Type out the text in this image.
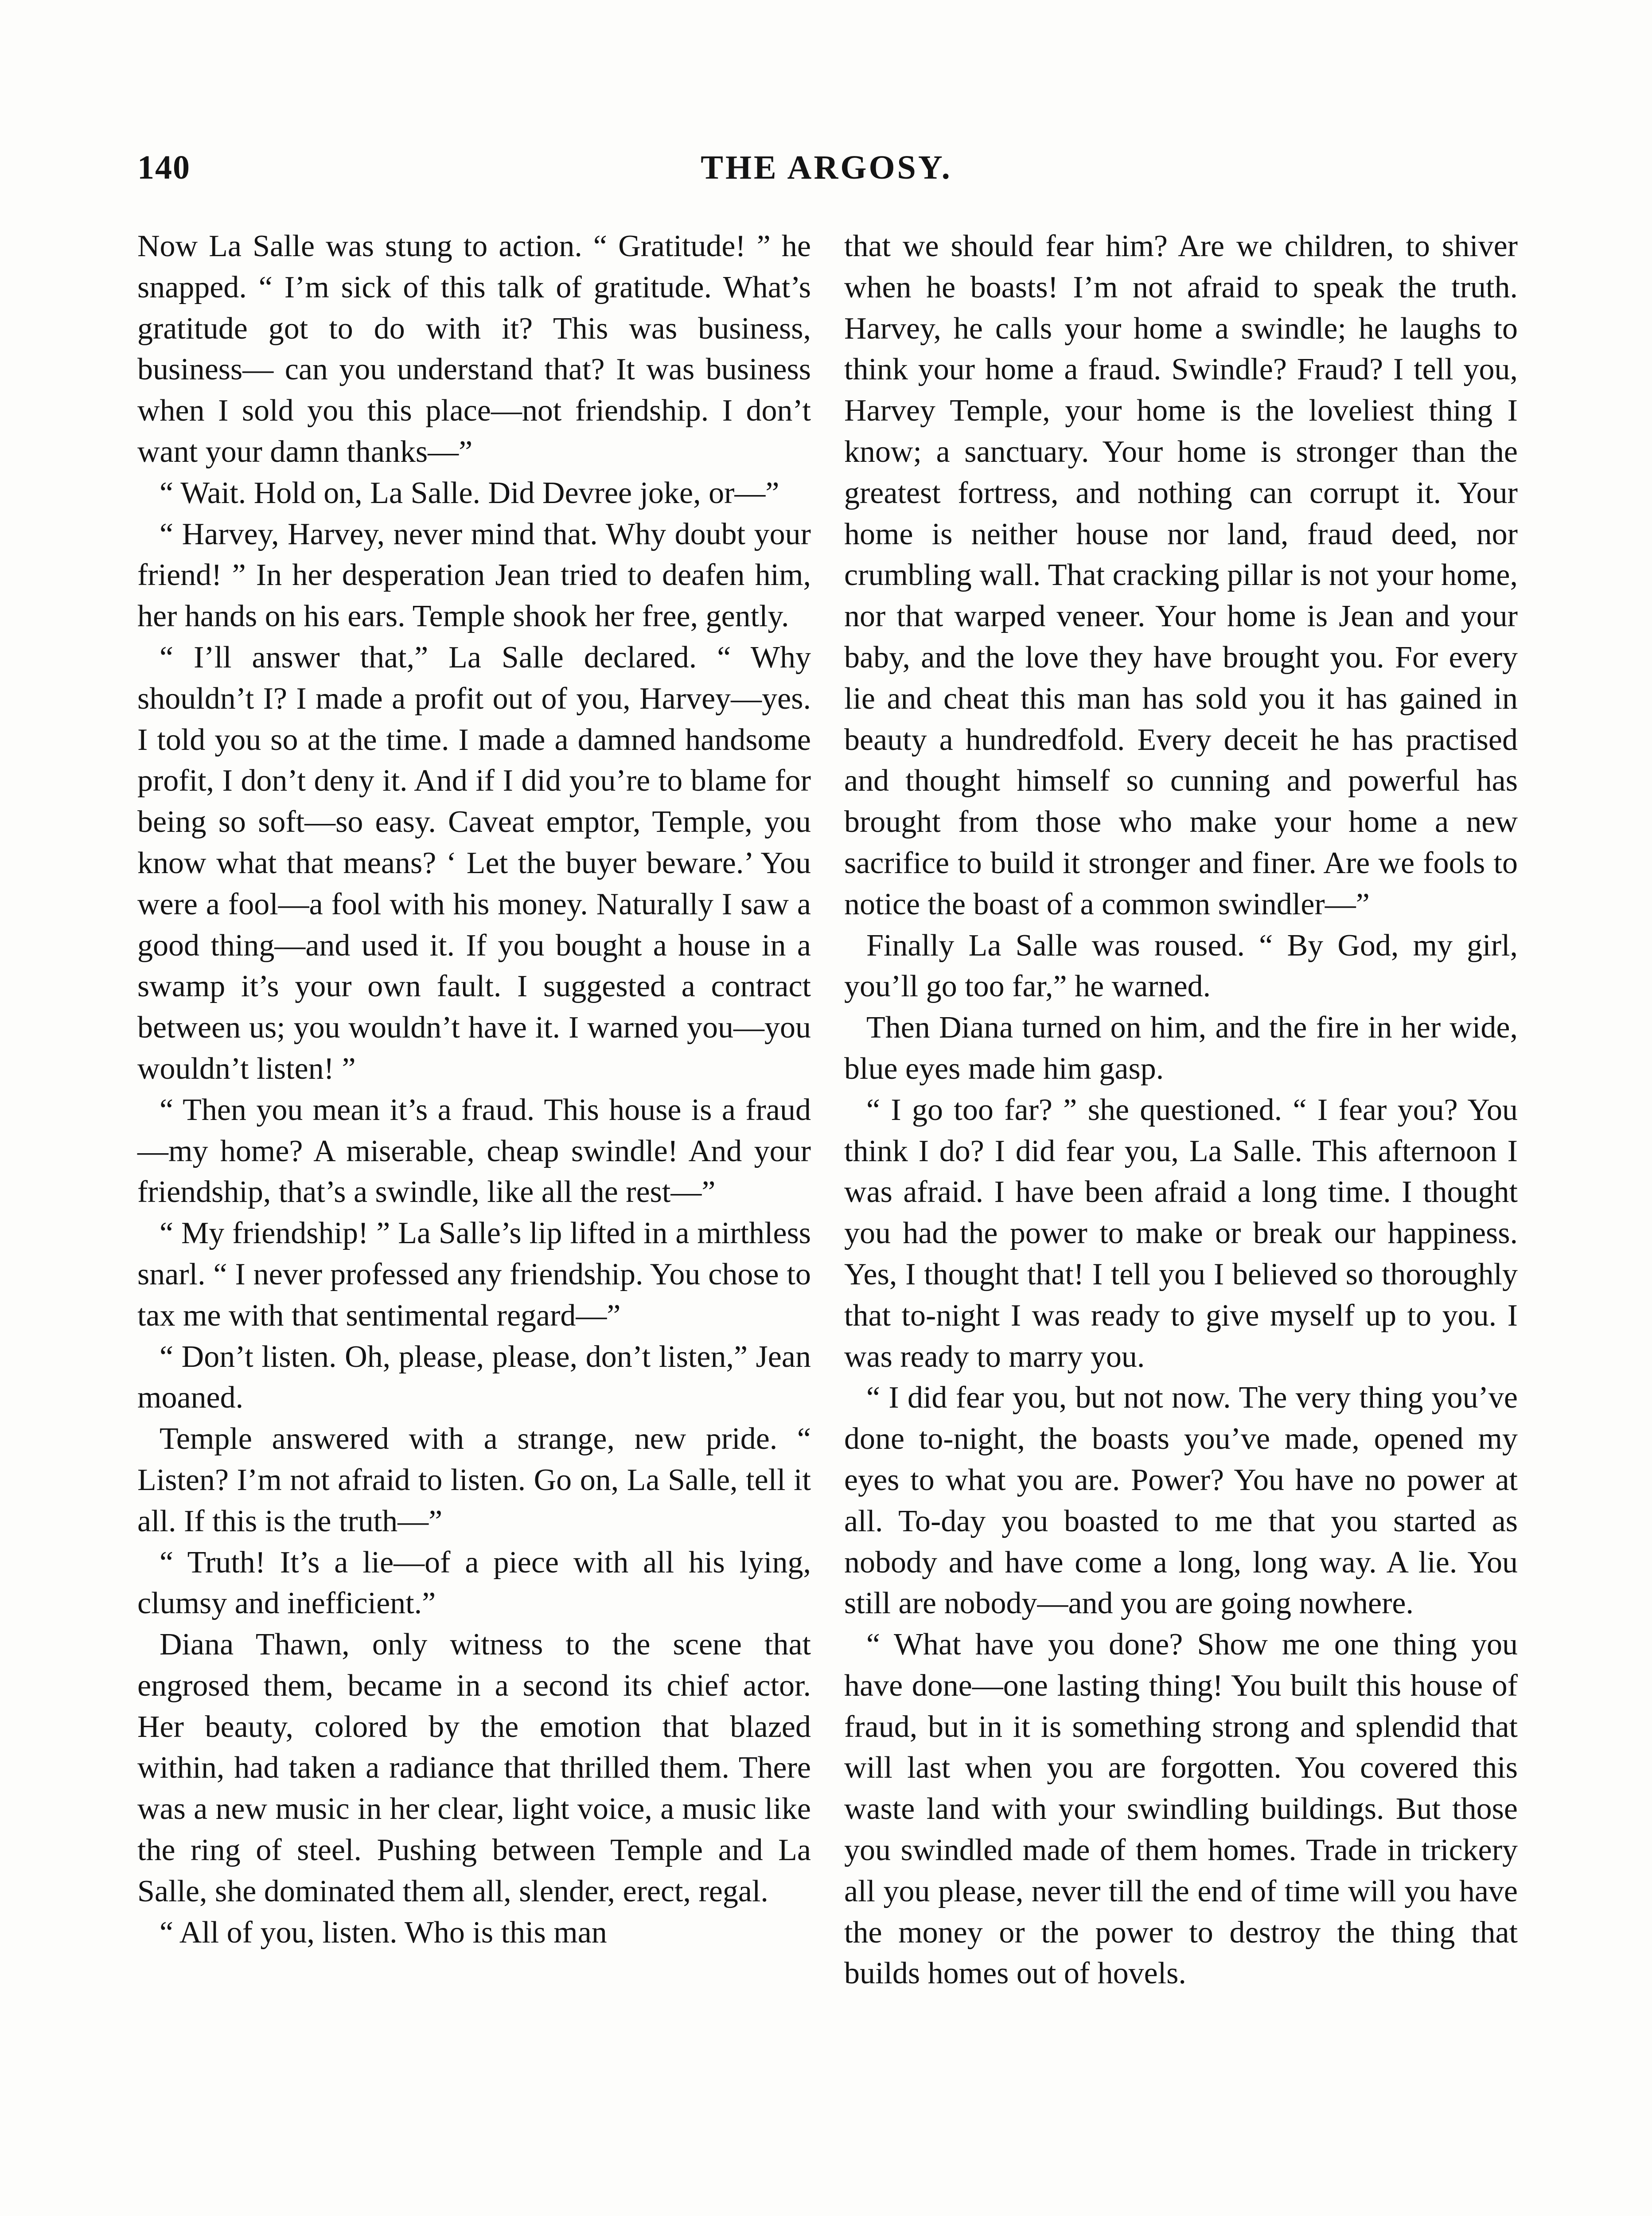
140	THE ARGOSY.

Now La Salle was stung to action. “ Gratitude! ” he snapped. “ I’m sick of this talk of gratitude. What’s gratitude got to do with it? This was business, business— can you understand that? It was business when I sold you this place—not friendship. I don’t want your damn thanks—”

“ Wait. Hold on, La Salle. Did Devree joke, or—”

“ Harvey, Harvey, never mind that. Why doubt your friend! ” In her desperation Jean tried to deafen him, her hands on his ears. Temple shook her free, gently.

“ I’ll answer that,” La Salle declared. “ Why shouldn’t I? I made a profit out of you, Harvey—yes. I told you so at the time. I made a damned handsome profit, I don’t deny it. And if I did you’re to blame for being so soft—so easy. Caveat emptor, Temple, you know what that means? ‘ Let the buyer beware.’ You were a fool—a fool with his money. Naturally I saw a good thing—and used it. If you bought a house in a swamp it’s your own fault. I suggested a contract between us; you wouldn’t have it. I warned you—you wouldn’t listen! ”

“ Then you mean it’s a fraud. This house is a fraud—my home? A miserable, cheap swindle! And your friendship, that’s a swindle, like all the rest—”

“ My friendship! ” La Salle’s lip lifted in a mirthless snarl. “ I never professed any friendship. You chose to tax me with that sentimental regard—”

“ Don’t listen. Oh, please, please, don’t listen,” Jean moaned.

Temple answered with a strange, new pride. “ Listen? I’m not afraid to listen. Go on, La Salle, tell it all. If this is the truth—”

“ Truth! It’s a lie—of a piece with all his lying, clumsy and inefficient.”

Diana Thawn, only witness to the scene that engrosed them, became in a second its chief actor. Her beauty, colored by the emotion that blazed within, had taken a radiance that thrilled them. There was a new music in her clear, light voice, a music like the ring of steel. Pushing between Temple and La Salle, she dominated them all, slender, erect, regal.

“ All of you, listen. Who is this man

that we should fear him? Are we children, to shiver when he boasts! I’m not afraid to speak the truth. Harvey, he calls your home a swindle; he laughs to think your home a fraud. Swindle? Fraud? I tell you, Harvey Temple, your home is the loveliest thing I know; a sanctuary. Your home is stronger than the greatest fortress, and nothing can corrupt it. Your home is neither house nor land, fraud deed, nor crumbling wall. That cracking pillar is not your home, nor that warped veneer. Your home is Jean and your baby, and the love they have brought you. For every lie and cheat this man has sold you it has gained in beauty a hundredfold. Every deceit he has practised and thought himself so cunning and powerful has brought from those who make your home a new sacrifice to build it stronger and finer. Are we fools to notice the boast of a common swindler—”

Finally La Salle was roused. “ By God, my girl, you’ll go too far,” he warned.

Then Diana turned on him, and the fire in her wide, blue eyes made him gasp.

“ I go too far? ” she questioned. “ I fear you? You think I do? I did fear you, La Salle. This afternoon I was afraid. I have been afraid a long time. I thought you had the power to make or break our happiness. Yes, I thought that! I tell you I believed so thoroughly that to-night I was ready to give myself up to you. I was ready to marry you.

“ I did fear you, but not now. The very thing you’ve done to-night, the boasts you’ve made, opened my eyes to what you are. Power? You have no power at all. To-day you boasted to me that you started as nobody and have come a long, long way. A lie. You still are nobody—and you are going nowhere.

“ What have you done? Show me one thing you have done—one lasting thing! You built this house of fraud, but in it is something strong and splendid that will last when you are forgotten. You covered this waste land with your swindling buildings. But those you swindled made of them homes. Trade in trickery all you please, never till the end of time will you have the money or the power to destroy the thing that builds homes out of hovels.
